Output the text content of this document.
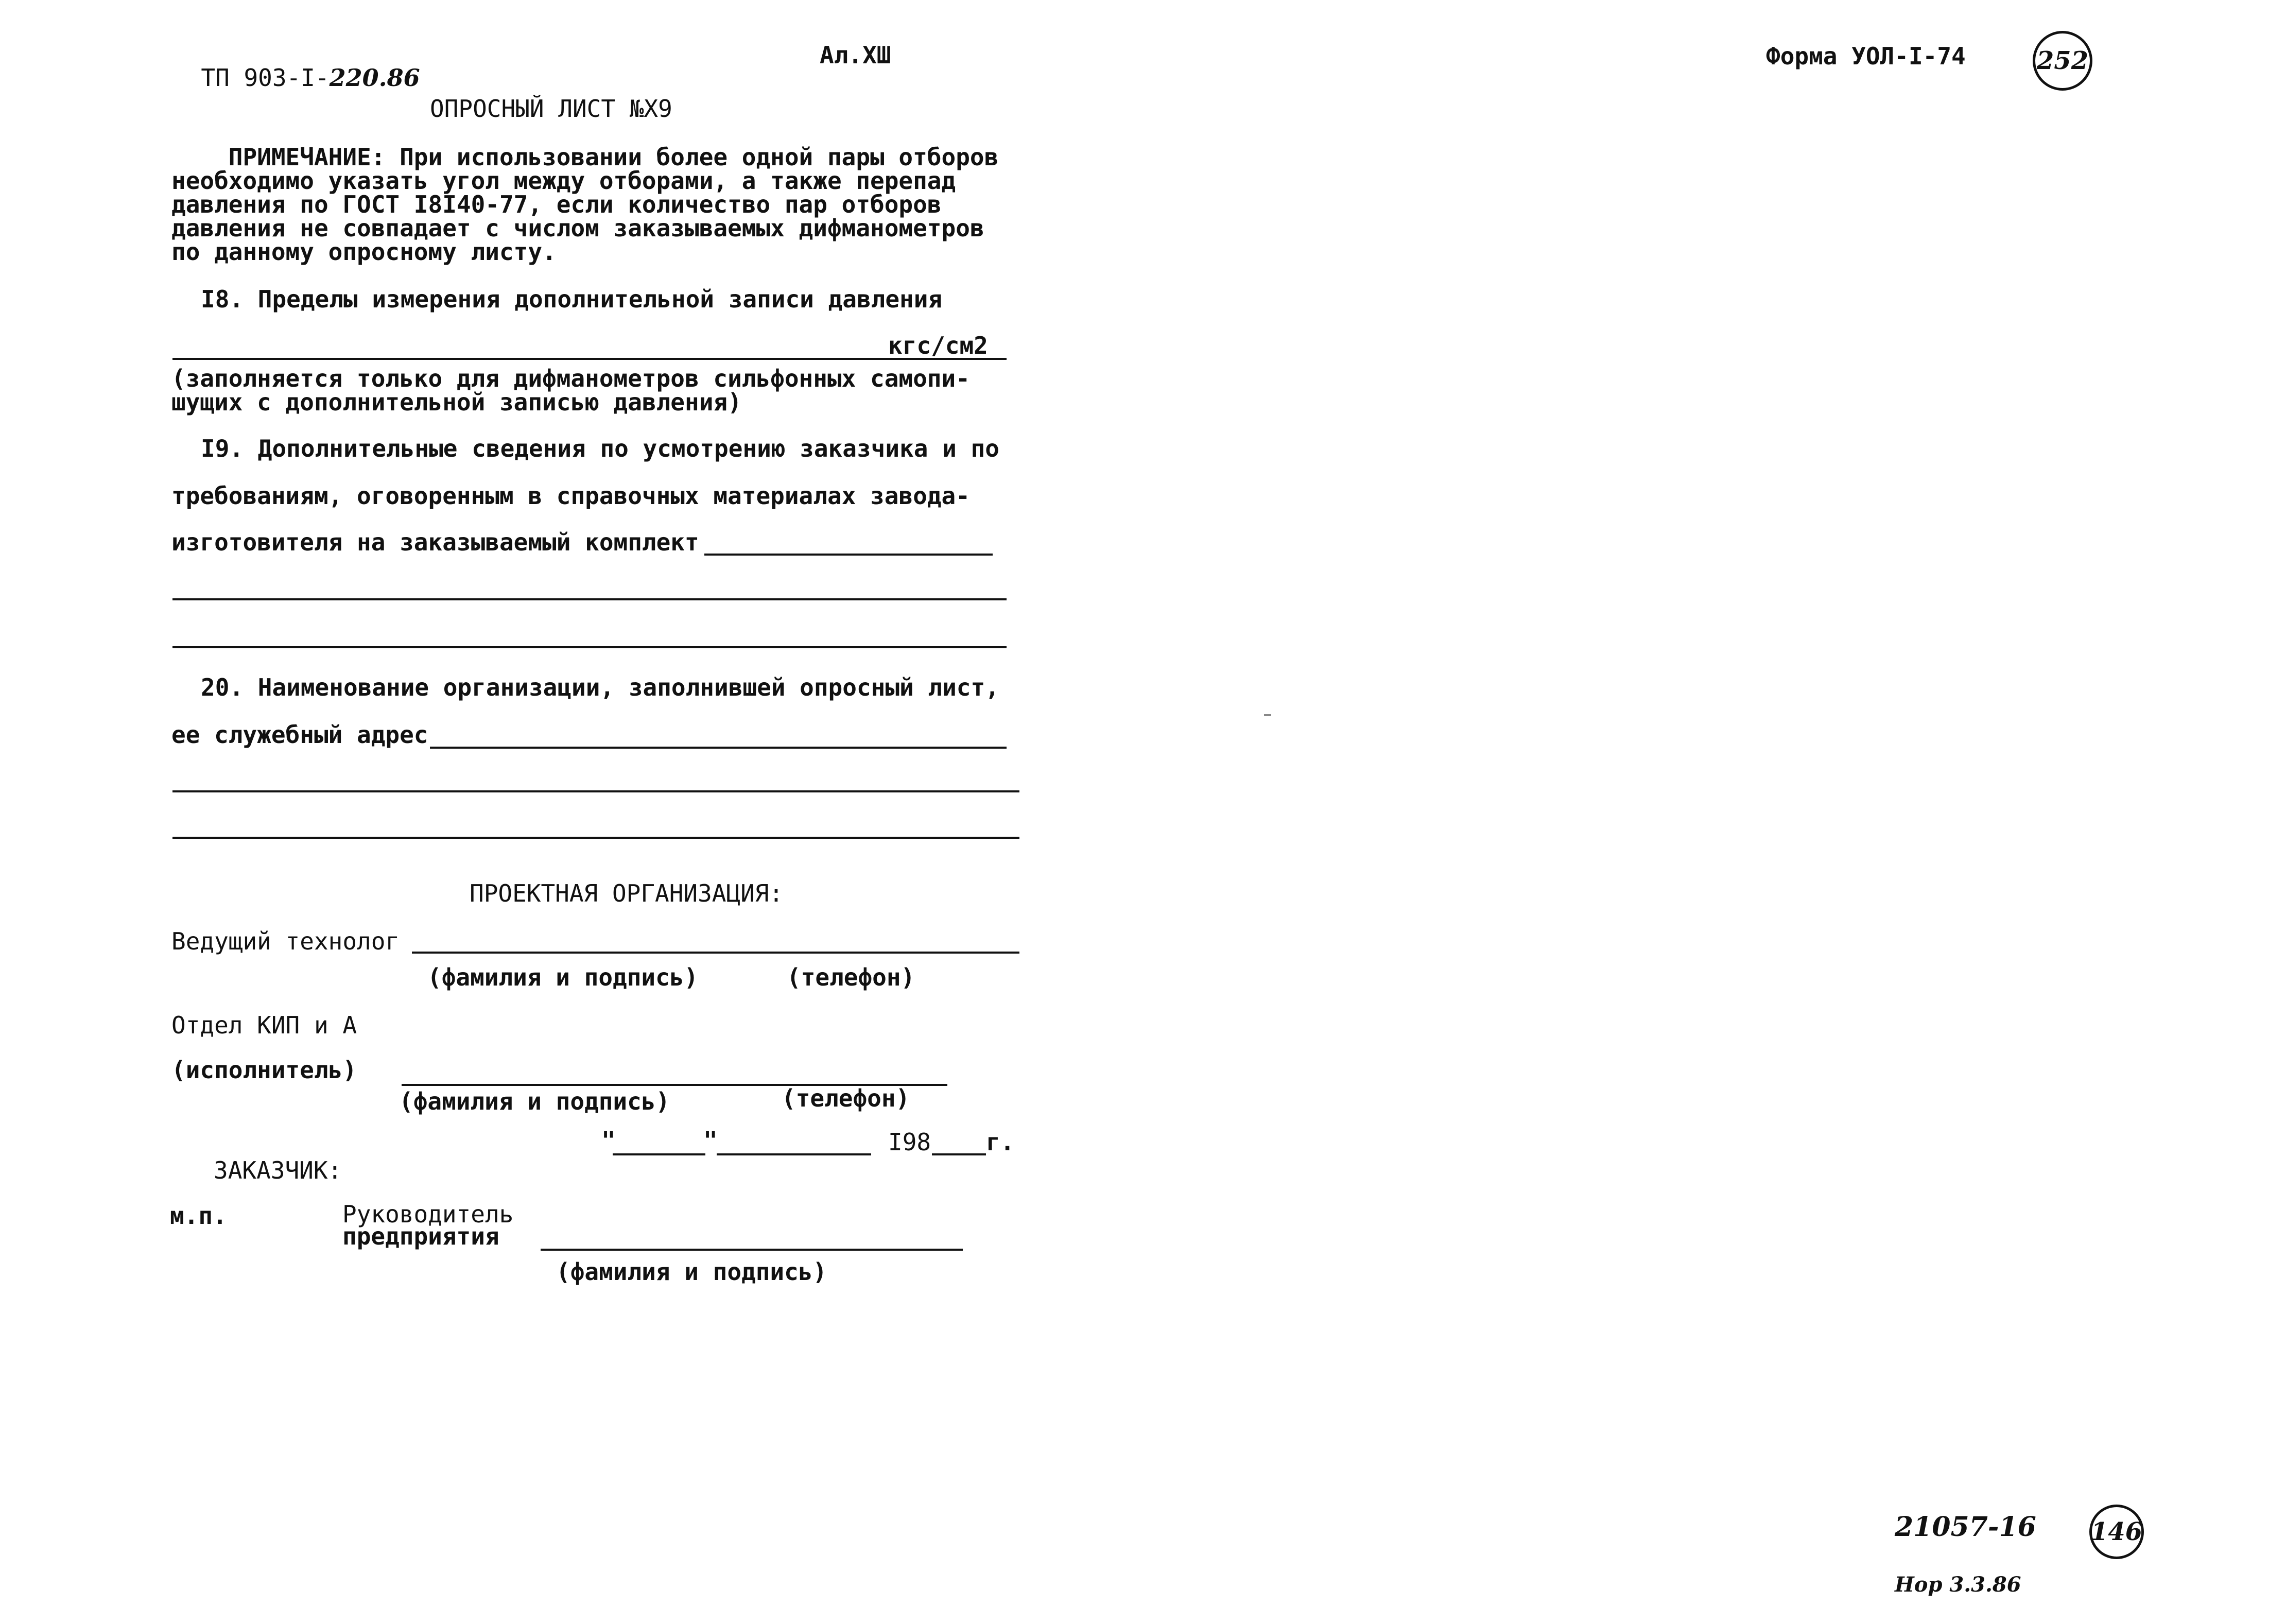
ТП 903-I-220.86

Ал.XШ	Форма УОЛ-I-74	252
ОПРОСНЫЙ ЛИСТ №Х9
ПРИМЕЧАНИЕ: При использовании более одной пары отборов
необходимо указать угол между отборами, а также перепад
давления по ГОСТ I8I40-77, если количество пар отборов
давления не совпадает с числом заказываемых дифманометров
по данному опросному листу.
I8. Пределы измерения дополнительной записи давления
кгс/см2
(заполняется только для дифманометров сильфонных самопи-
шущих с дополнительной записью давления)
I9. Дополнительные сведения по усмотрению заказчика и по
требованиям, оговоренным в справочных материалах завода-
изготовителя на заказываемый комплект
20. Наименование организации, заполнившей опросный лист,
ее служебный адрес
ПРОЕКТНАЯ ОРГАНИЗАЦИЯ:
Ведущий технолог
(фамилия и подпись)	(телефон)
Отдел КИП и А
(исполнитель)
(фамилия и подпись)	(телефон)
"	"	I98 г.
ЗАКАЗЧИК:
м.п.	Руководитель
предприятия
(фамилия и подпись)
21057-16 146
Нор 3.3.86
